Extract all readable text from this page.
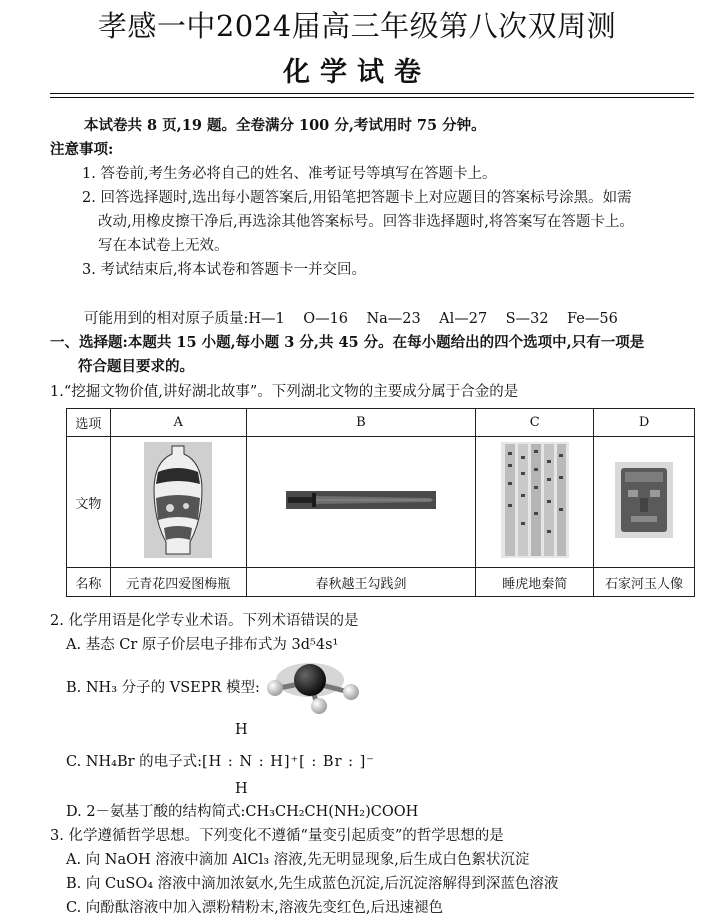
孝感一中2024届高三年级第八次双周测
化学试卷
本试卷共 8 页,19 题。全卷满分 100 分,考试用时 75 分钟。
注意事项:
1. 答卷前,考生务必将自己的姓名、准考证号等填写在答题卡上。
2. 回答选择题时,选出每小题答案后,用铅笔把答题卡上对应题目的答案标号涂黑。如需
改动,用橡皮擦干净后,再选涂其他答案标号。回答非选择题时,将答案写在答题卡上。
写在本试卷上无效。
3. 考试结束后,将本试卷和答题卡一并交回。
可能用到的相对原子质量:H—1    O—16    Na—23    Al—27    S—32    Fe—56
一、选择题:本题共 15 小题,每小题 3 分,共 45 分。在每小题给出的四个选项中,只有一项是
符合题目要求的。
1.“挖掘文物价值,讲好湖北故事”。下列湖北文物的主要成分属于合金的是
选项	A	B	C	D
文物				
名称	元青花四爱图梅瓶	春秋越王勾践剑	睡虎地秦简	石家河玉人像
2. 化学用语是化学专业术语。下列术语错误的是
A. 基态 Cr 原子价层电子排布式为 3d⁵4s¹
B. NH₃ 分子的 VSEPR 模型:
H
C. NH₄Br 的电子式: [H : N : H]⁺[ : Br : ]⁻
H
D. 2－氨基丁酸的结构简式:CH₃CH₂CH(NH₂)COOH
3. 化学遵循哲学思想。下列变化不遵循“量变引起质变”的哲学思想的是
A. 向 NaOH 溶液中滴加 AlCl₃ 溶液,先无明显现象,后生成白色絮状沉淀
B. 向 CuSO₄ 溶液中滴加浓氨水,先生成蓝色沉淀,后沉淀溶解得到深蓝色溶液
C. 向酚酞溶液中加入漂粉精粉末,溶液先变红色,后迅速褪色
